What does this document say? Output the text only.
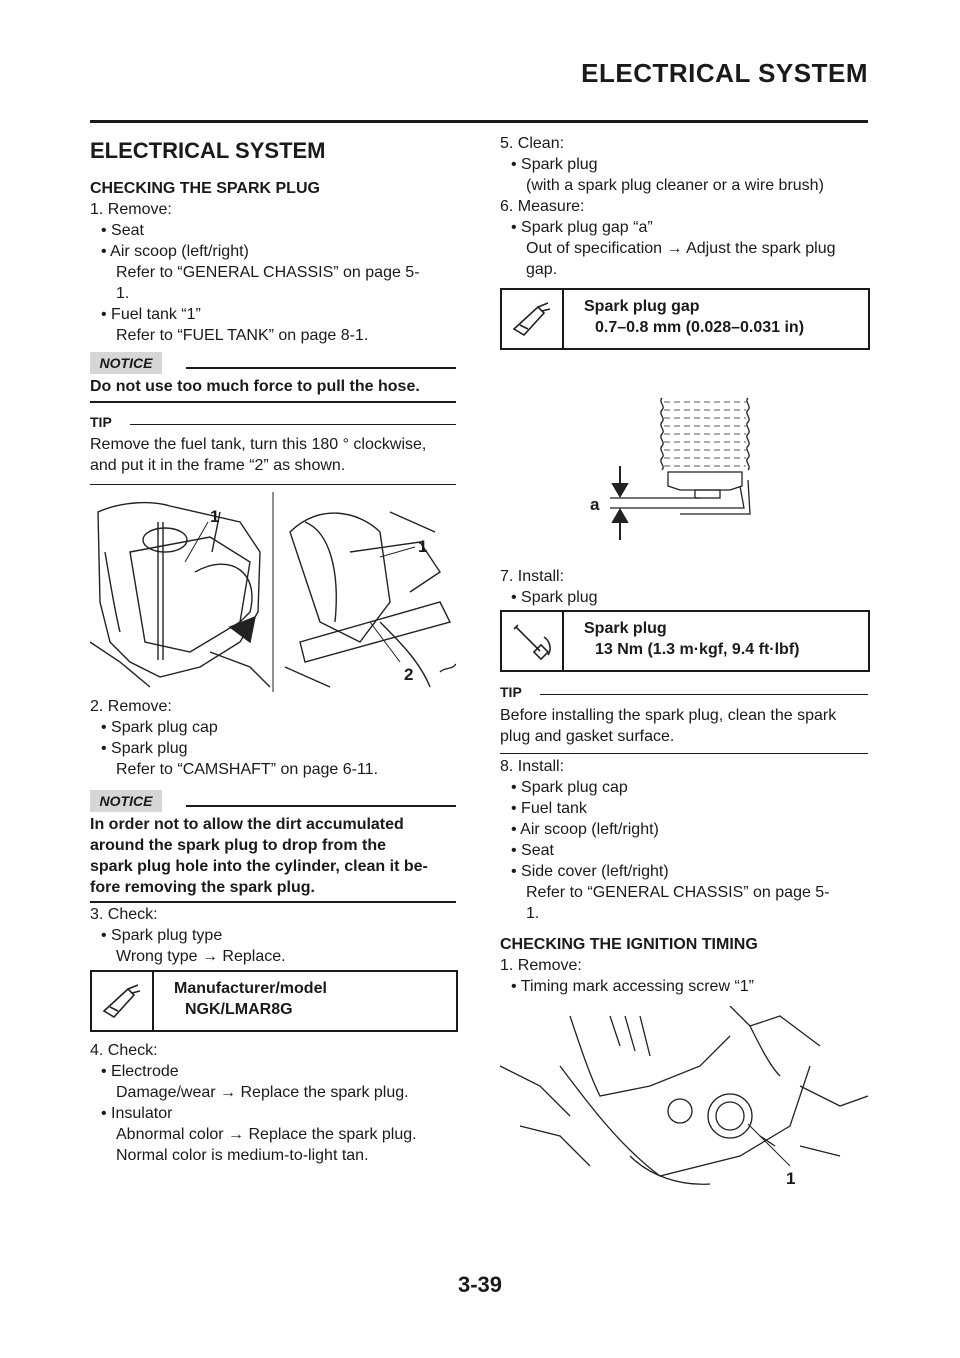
ELECTRICAL SYSTEM
ELECTRICAL SYSTEM
CHECKING THE SPARK PLUG
1. Remove:
• Seat
• Air scoop (left/right)
Refer to “GENERAL CHASSIS” on page 5-
1.
• Fuel tank “1”
Refer to “FUEL TANK” on page 8-1.
NOTICE
Do not use too much force to pull the hose.
TIP
Remove the fuel tank, turn this 180 ° clockwise,
and put it in the frame “2” as shown.
1
1
2
2. Remove:
• Spark plug cap
• Spark plug
Refer to “CAMSHAFT” on page 6-11.
NOTICE
In order not to allow the dirt accumulated
around the spark plug to drop from the
spark plug hole into the cylinder, clean it be-
fore removing the spark plug.
3. Check:
• Spark plug type
Wrong type → Replace.
Manufacturer/model
NGK/LMAR8G
4. Check:
• Electrode
Damage/wear → Replace the spark plug.
• Insulator
Abnormal color → Replace the spark plug.
Normal color is medium-to-light tan.
5. Clean:
• Spark plug
(with a spark plug cleaner or a wire brush)
6. Measure:
• Spark plug gap “a”
Out of specification → Adjust the spark plug
gap.
Spark plug gap
0.7–0.8 mm (0.028–0.031 in)
a
7. Install:
• Spark plug
Spark plug
13 Nm (1.3 m·kgf, 9.4 ft·lbf)
TIP
Before installing the spark plug, clean the spark
plug and gasket surface.
8. Install:
• Spark plug cap
• Fuel tank
• Air scoop (left/right)
• Seat
• Side cover (left/right)
Refer to “GENERAL CHASSIS” on page 5-
1.
CHECKING THE IGNITION TIMING
1. Remove:
• Timing mark accessing screw “1”
1
3-39
